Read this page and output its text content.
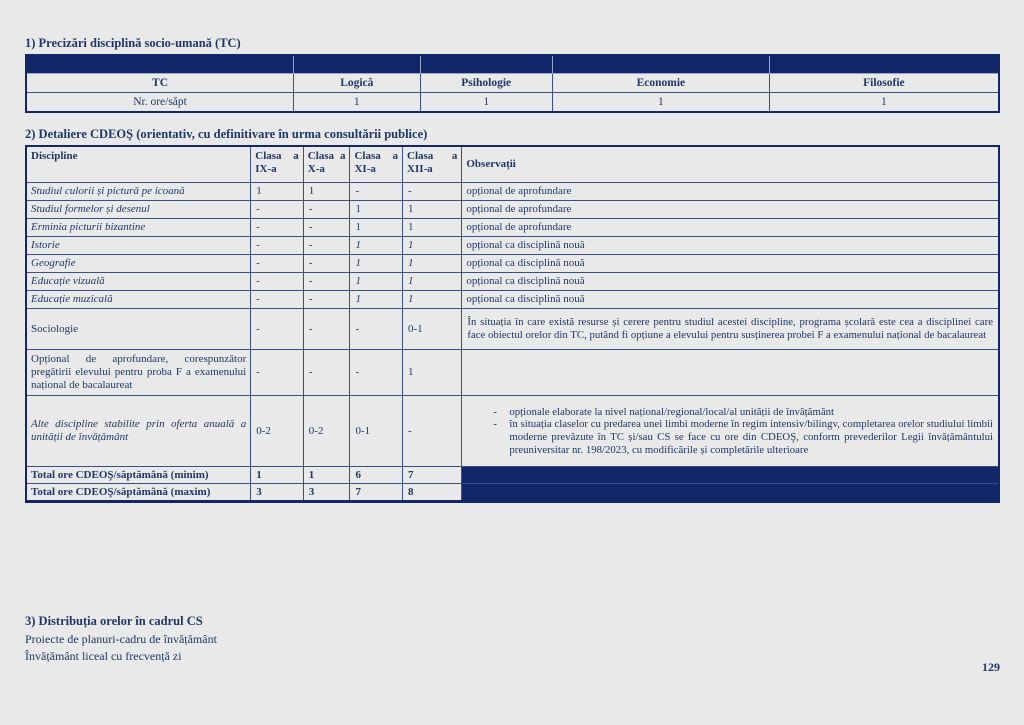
1) Precizări disciplină socio-umană (TC)

TC	Logică	Psihologie	Economie	Filosofie
Nr. ore/săpt	1	1	1	1
2) Detaliere CDEOŞ (orientativ, cu definitivare în urma consultării publice)
Discipline	Clasa a IX-a	Clasa a X-a	Clasa a XI-a	Clasa a XII-a	Observații
Studiul culorii și pictură pe icoană	1	1	-	-	opțional de aprofundare
Studiul formelor și desenul	-	-	1	1	opțional de aprofundare
Erminia picturii bizantine	-	-	1	1	opțional de aprofundare
Istorie	-	-	1	1	opțional ca disciplină nouă
Geografie	-	-	1	1	opțional ca disciplină nouă
Educație vizuală	-	-	1	1	opțional ca disciplină nouă
Educație muzicală	-	-	1	1	opțional ca disciplină nouă
Sociologie	-	-	-	0-1	În situația în care există resurse și cerere pentru studiul acestei discipline, programa școlară este cea a disciplinei care face obiectul orelor din TC, putând fi opțiune a elevului pentru susținerea probei F a examenului național de bacalaureat
Opțional de aprofundare, corespunzător pregătirii elevului pentru proba F a examenului național de bacalaureat	-	-	-	1	
Alte discipline stabilite prin oferta anuală a unității de învățământ	0-2	0-2	0-1	-	- opționale elaborate la nivel național/regional/local/al unității de învățământ
- în situația claselor cu predarea unei limbi moderne în regim intensiv/bilingv, completarea orelor studiului limbii moderne prevăzute în TC și/sau CS se face cu ore din CDEOŞ, conform prevederilor Legii învățământului preuniversitar nr. 198/2023, cu modificările și completările ulterioare

Total ore CDEOŞ/săptămână (minim)	1	1	6	7	
Total ore CDEOŞ/săptămână (maxim)	3	3	7	8	
3) Distribuția orelor în cadrul CS
Proiecte de planuri-cadru de învățământ
Învățământ liceal cu frecvență zi
129
